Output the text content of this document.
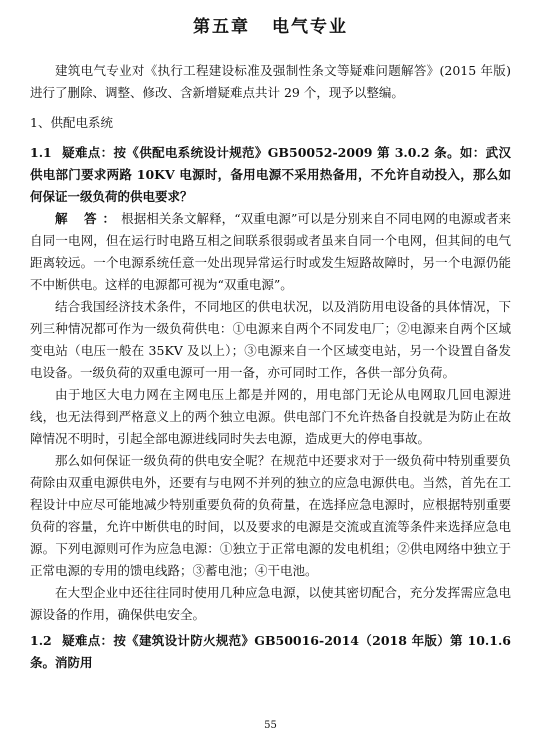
第五章 电气专业

建筑电气专业对《执行工程建设标准及强制性条文等疑难问题解答》(2015 年版)进行了删除、调整、修改、含新增疑难点共计 29 个，现予以整编。

1、供配电系统

1.1 疑难点：按《供配电系统设计规范》GB50052-2009 第 3.0.2 条。如：武汉供电部门要求两路 10KV 电源时，备用电源不采用热备用，不允许自动投入，那么如何保证一级负荷的供电要求？

解 答：根据相关条文解释，“双重电源”可以是分别来自不同电网的电源或者来自同一电网，但在运行时电路互相之间联系很弱或者虽来自同一个电网，但其间的电气距离较远。一个电源系统任意一处出现异常运行时或发生短路故障时，另一个电源仍能不中断供电。这样的电源都可视为“双重电源”。

结合我国经济技术条件，不同地区的供电状况，以及消防用电设备的具体情况，下列三种情况都可作为一级负荷供电：①电源来自两个不同发电厂；②电源来自两个区域变电站（电压一般在 35KV 及以上）；③电源来自一个区域变电站，另一个设置自备发电设备。一级负荷的双重电源可一用一备，亦可同时工作，各供一部分负荷。

由于地区大电力网在主网电压上都是并网的，用电部门无论从电网取几回电源进线，也无法得到严格意义上的两个独立电源。供电部门不允许热备自投就是为防止在故障情况不明时，引起全部电源进线同时失去电源，造成更大的停电事故。

那么如何保证一级负荷的供电安全呢？在规范中还要求对于一级负荷中特别重要负荷除由双重电源供电外，还要有与电网不并列的独立的应急电源供电。当然，首先在工程设计中应尽可能地减少特别重要负荷的负荷量，在选择应急电源时，应根据特别重要负荷的容量，允许中断供电的时间，以及要求的电源是交流或直流等条件来选择应急电源。下列电源则可作为应急电源：①独立于正常电源的发电机组；②供电网络中独立于正常电源的专用的馈电线路；③蓄电池；④干电池。

在大型企业中还往往同时使用几种应急电源，以使其密切配合，充分发挥需应急电源设备的作用，确保供电安全。

1.2 疑难点：按《建筑设计防火规范》GB50016-2014（2018 年版）第 10.1.6 条。消防用

55
